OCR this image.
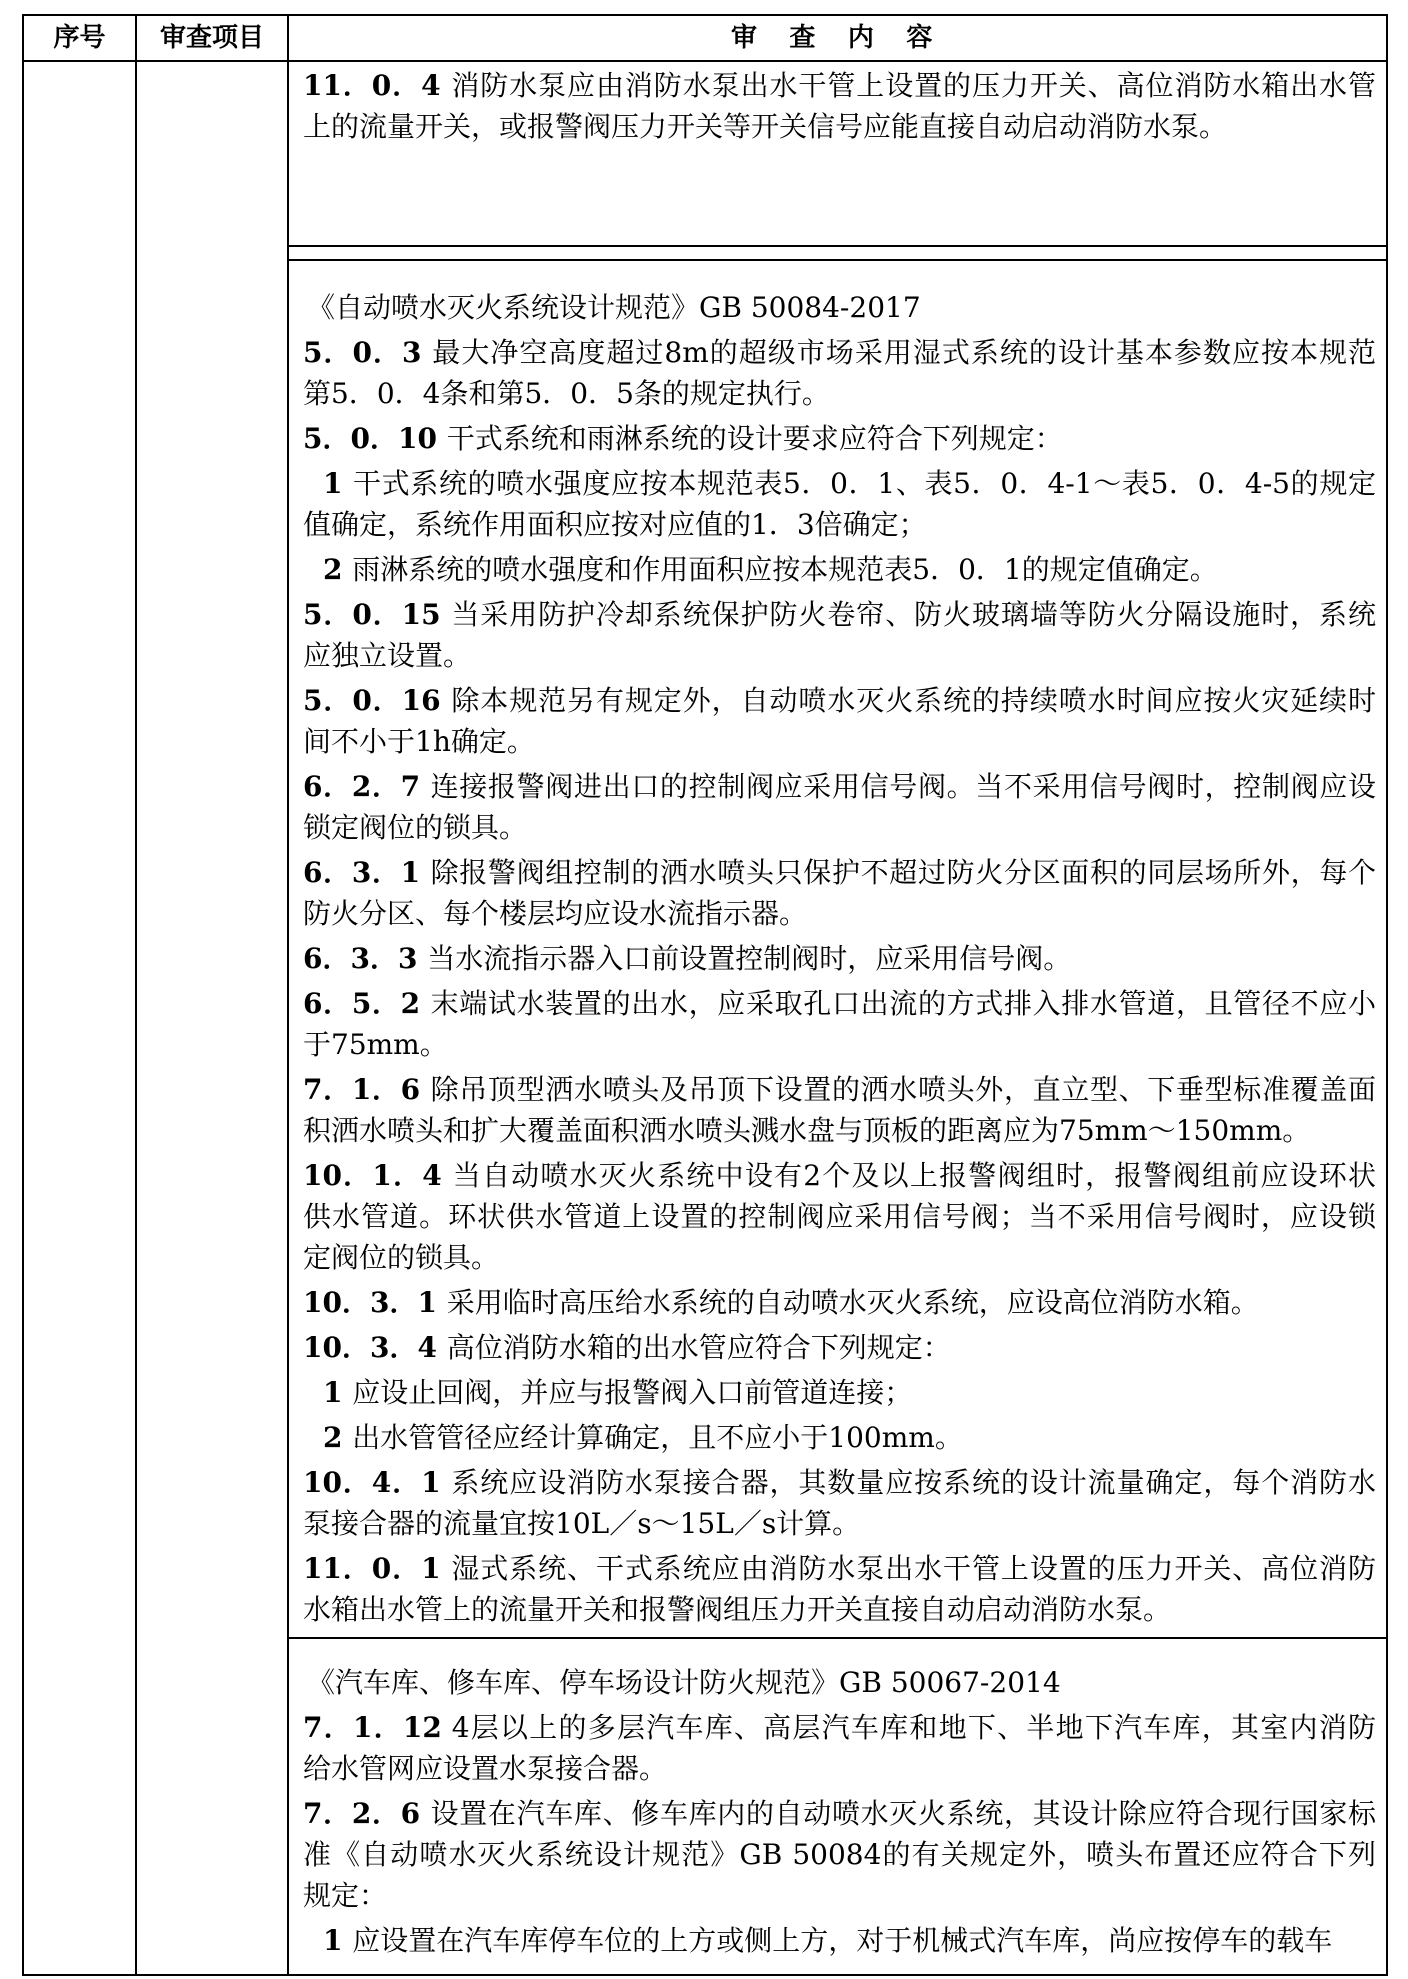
序号	审查项目	审 查 内 容
11．0．4 消防水泵应由消防水泵出水干管上设置的压力开关、高位消防水箱出水管
上的流量开关，或报警阀压力开关等开关信号应能直接自动启动消防水泵。
《自动喷水灭火系统设计规范》GB 50084-2017
5．0．3 最大净空高度超过8m的超级市场采用湿式系统的设计基本参数应按本规范
第5．0．4条和第5．0．5条的规定执行。
5．0．10 干式系统和雨淋系统的设计要求应符合下列规定：
1 干式系统的喷水强度应按本规范表5．0．1、表5．0．4-1～表5．0．4-5的规定
值确定，系统作用面积应按对应值的1．3倍确定；
2 雨淋系统的喷水强度和作用面积应按本规范表5．0．1的规定值确定。
5．0．15 当采用防护冷却系统保护防火卷帘、防火玻璃墙等防火分隔设施时，系统
应独立设置。
5．0．16 除本规范另有规定外，自动喷水灭火系统的持续喷水时间应按火灾延续时
间不小于1h确定。
6．2．7 连接报警阀进出口的控制阀应采用信号阀。当不采用信号阀时，控制阀应设
锁定阀位的锁具。
6．3．1 除报警阀组控制的洒水喷头只保护不超过防火分区面积的同层场所外，每个
防火分区、每个楼层均应设水流指示器。
6．3．3 当水流指示器入口前设置控制阀时，应采用信号阀。
6．5．2 末端试水装置的出水，应采取孔口出流的方式排入排水管道，且管径不应小
于75mm。
7．1．6 除吊顶型洒水喷头及吊顶下设置的洒水喷头外，直立型、下垂型标准覆盖面
积洒水喷头和扩大覆盖面积洒水喷头溅水盘与顶板的距离应为75mm～150mm。
10．1．4 当自动喷水灭火系统中设有2个及以上报警阀组时，报警阀组前应设环状
供水管道。环状供水管道上设置的控制阀应采用信号阀；当不采用信号阀时，应设锁
定阀位的锁具。
10．3．1 采用临时高压给水系统的自动喷水灭火系统，应设高位消防水箱。
10．3．4 高位消防水箱的出水管应符合下列规定：
1 应设止回阀，并应与报警阀入口前管道连接；
2 出水管管径应经计算确定，且不应小于100mm。
10．4．1 系统应设消防水泵接合器，其数量应按系统的设计流量确定，每个消防水
泵接合器的流量宜按10L／s～15L／s计算。
11．0．1 湿式系统、干式系统应由消防水泵出水干管上设置的压力开关、高位消防
水箱出水管上的流量开关和报警阀组压力开关直接自动启动消防水泵。
《汽车库、修车库、停车场设计防火规范》GB 50067-2014
7．1．12 4层以上的多层汽车库、高层汽车库和地下、半地下汽车库，其室内消防
给水管网应设置水泵接合器。
7．2．6 设置在汽车库、修车库内的自动喷水灭火系统，其设计除应符合现行国家标
准《自动喷水灭火系统设计规范》GB 50084的有关规定外，喷头布置还应符合下列
规定：
1 应设置在汽车库停车位的上方或侧上方，对于机械式汽车库，尚应按停车的载车
